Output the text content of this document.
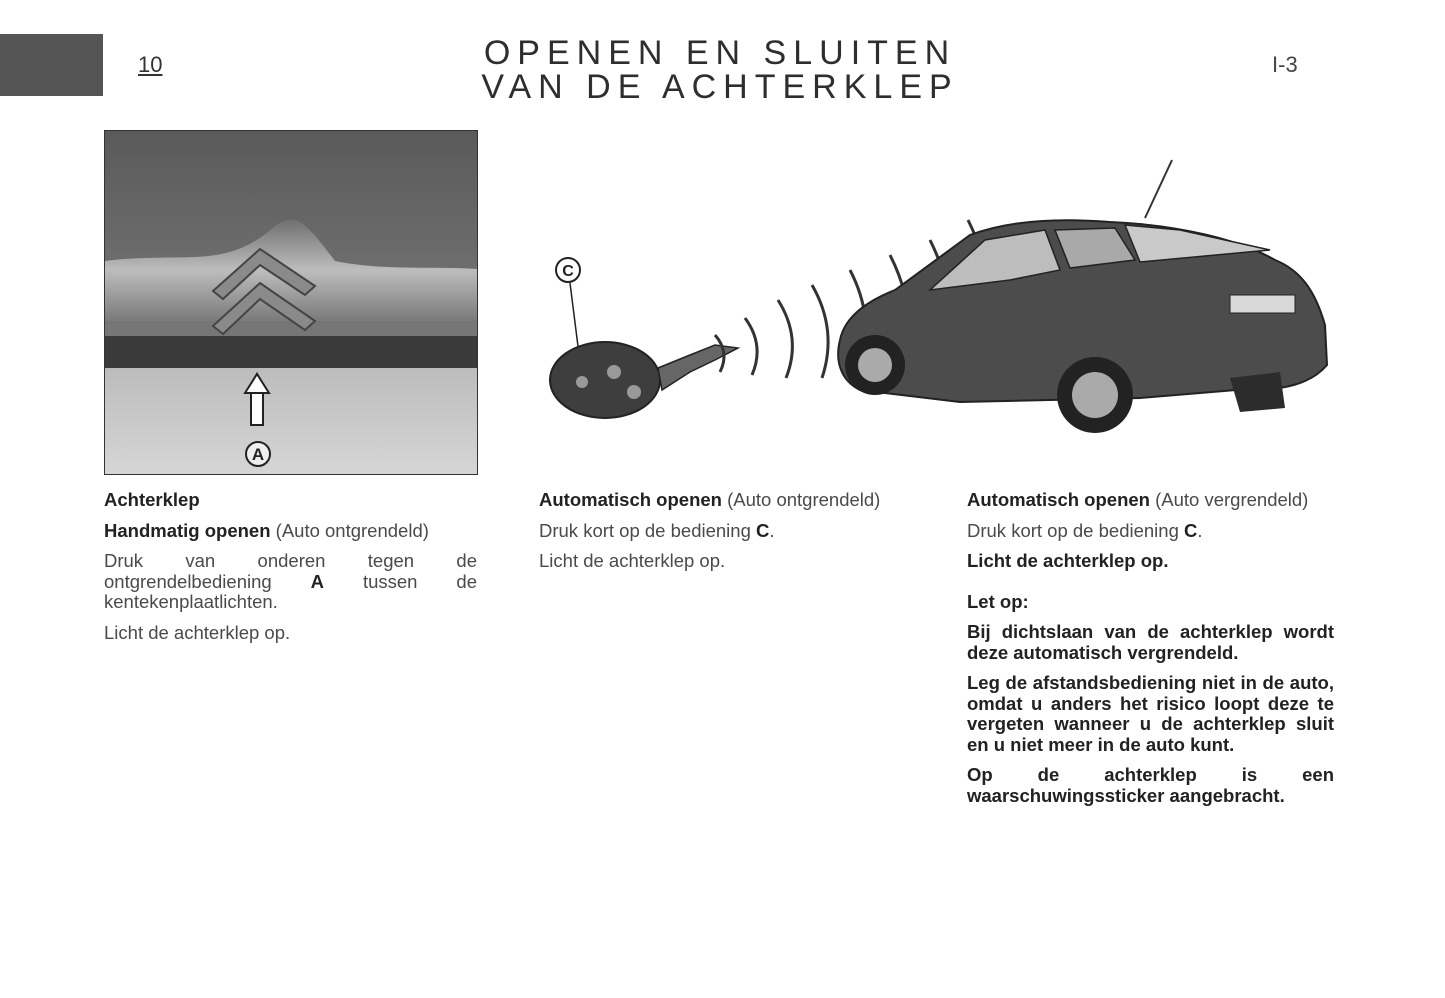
10	OPENEN EN SLUITEN
VAN DE ACHTERKLEP
I-3
A
C

Achterklep

Handmatig openen (Auto ontgrendeld)

Druk van onderen tegen de ontgrendelbediening A tussen de kentekenplaatlichten.

Licht de achterklep op.

Automatisch openen (Auto ontgrendeld)

Druk kort op de bediening C.

Licht de achterklep op.

Automatisch openen (Auto vergrendeld)

Druk kort op de bediening C.

Licht de achterklep op.

Let op:

Bij dichtslaan van de achterklep wordt deze automatisch vergrendeld.

Leg de afstandsbediening niet in de auto, omdat u anders het risico loopt deze te vergeten wanneer u de achterklep sluit en u niet meer in de auto kunt.

Op de achterklep is een waarschuwingssticker aangebracht.
